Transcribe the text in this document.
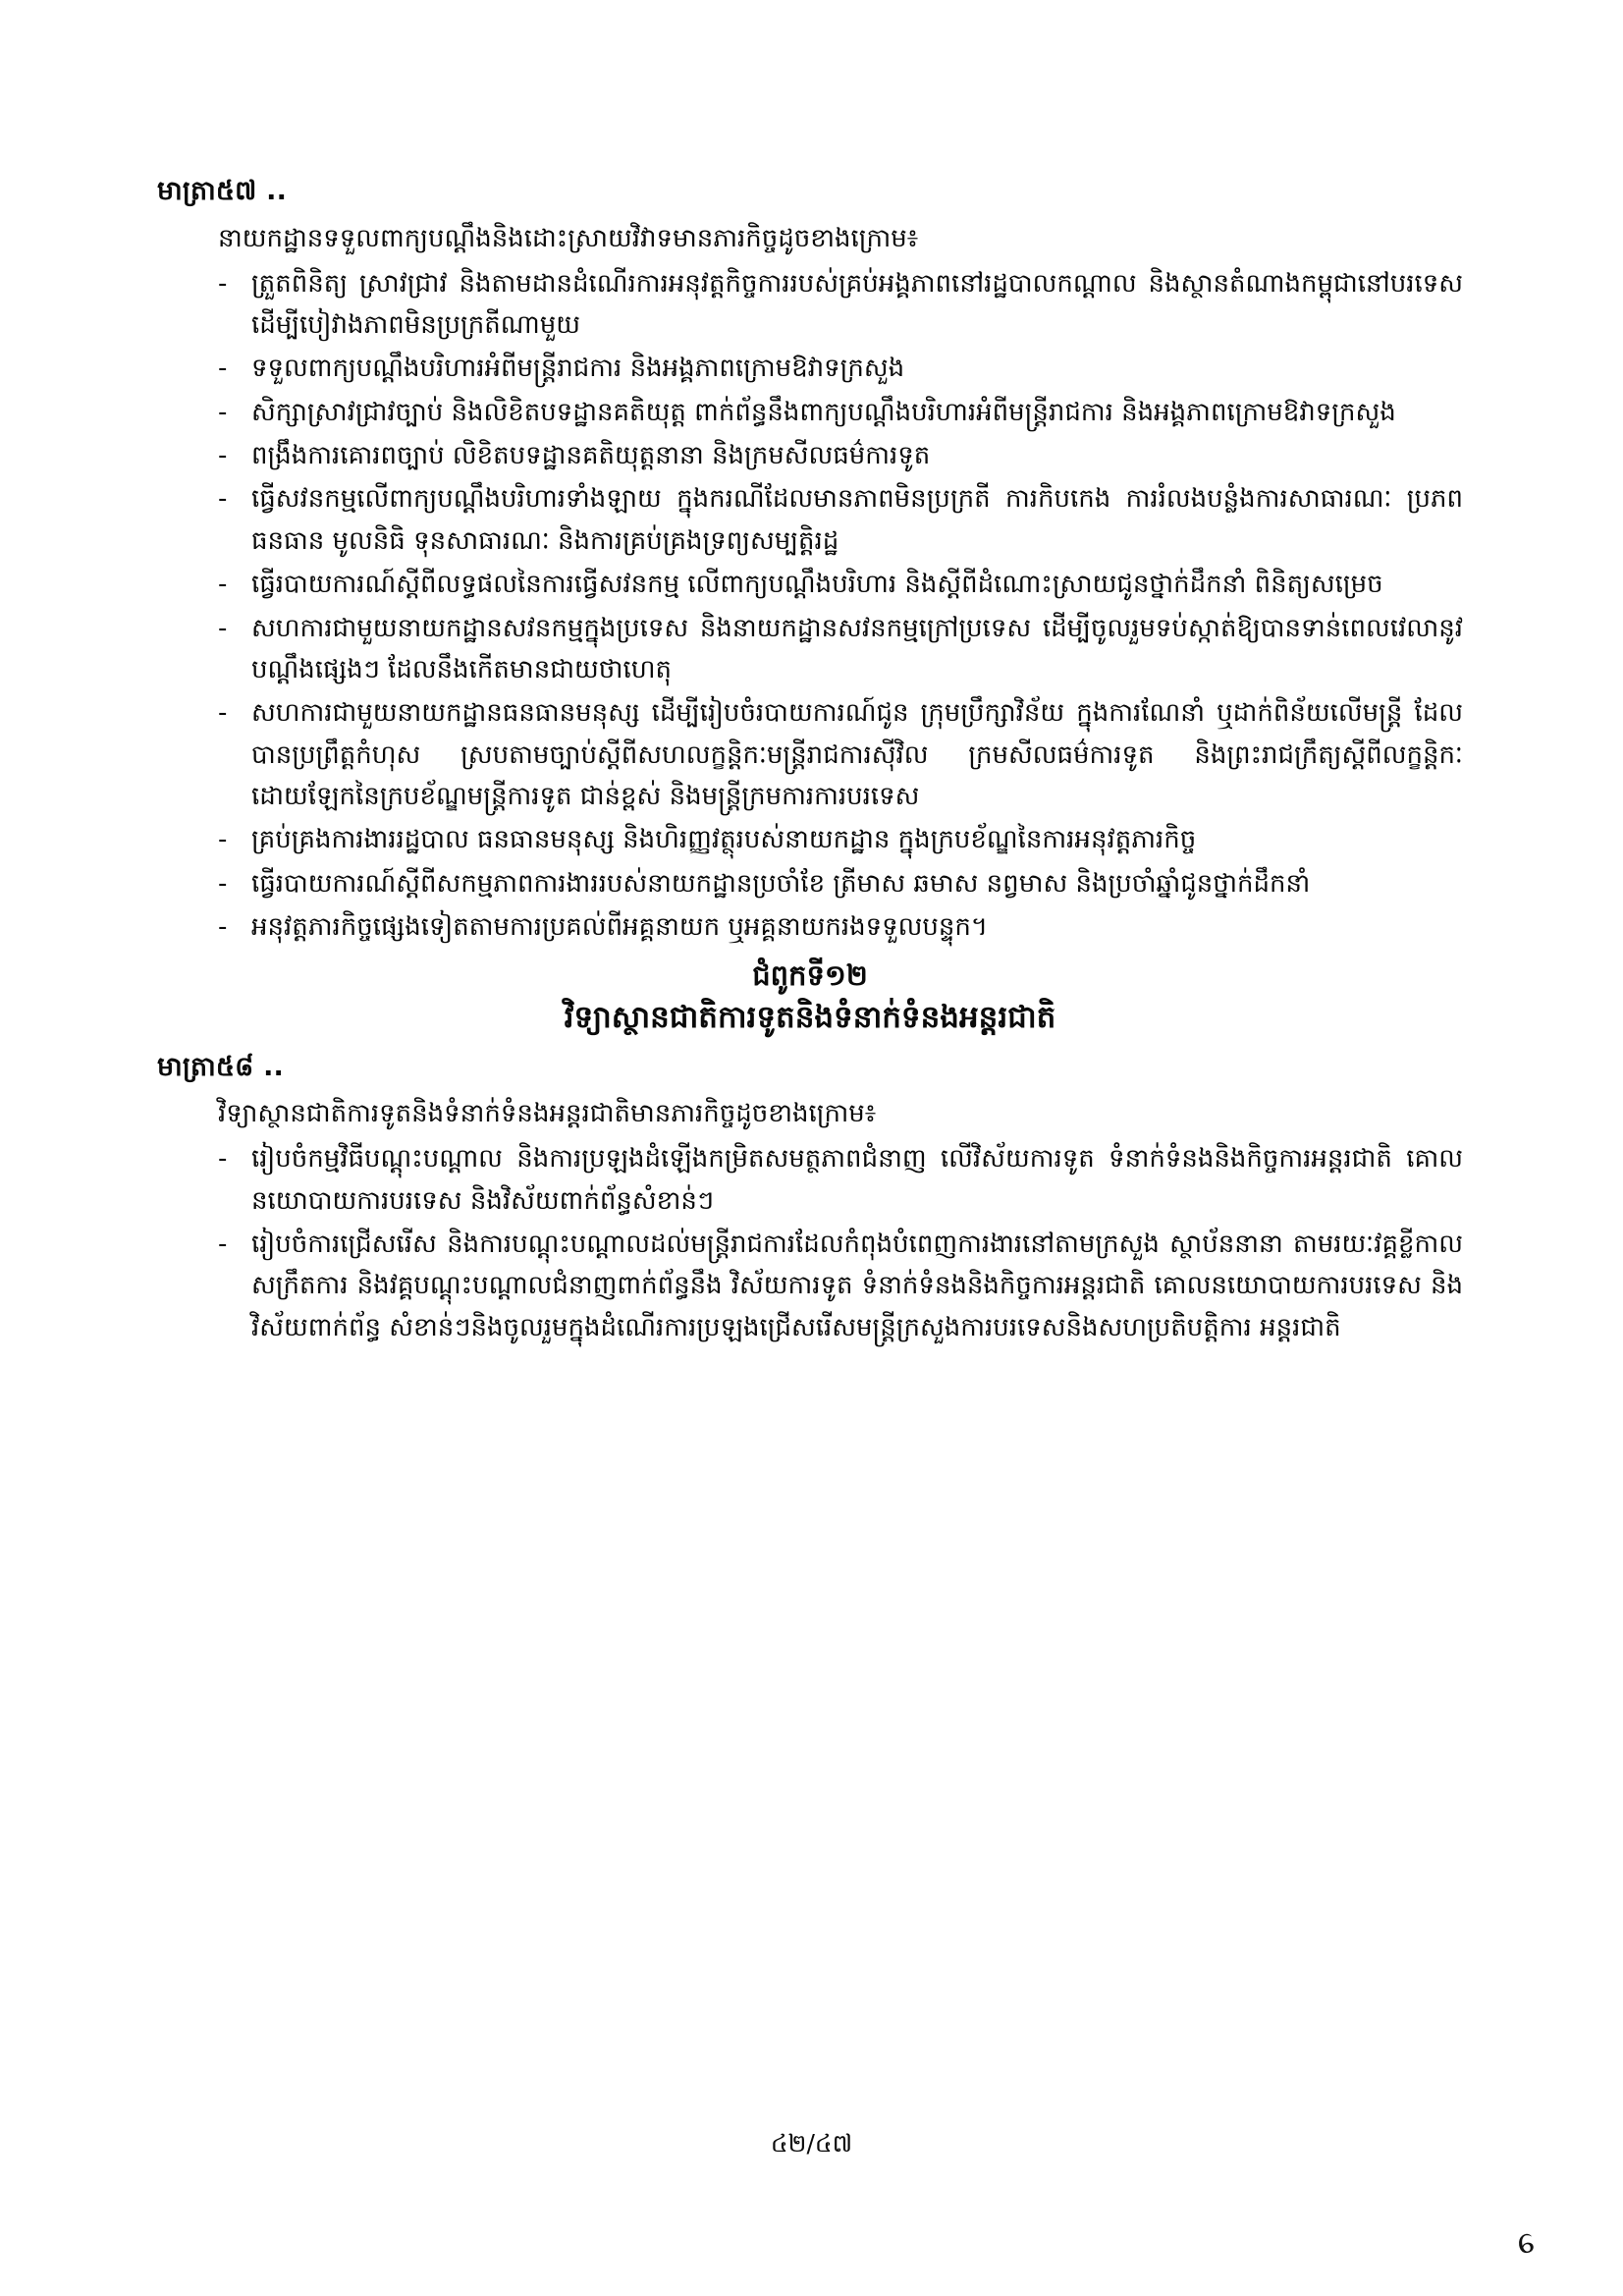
មាត្រា៥៧ ..

នាយកដ្ឋានទទួលពាក្យបណ្ដឹងនិងដោះស្រាយវិវាទមានភារកិច្ចដូចខាងក្រោម៖

- ត្រួតពិនិត្យ ស្រាវជ្រាវ និងតាមដានដំណើរការអនុវត្តកិច្ចការរបស់គ្រប់អង្គភាពនៅរដ្ឋបាលកណ្ដាល និងស្ថានតំណាងកម្ពុជានៅបរទេស ដើម្បីបៀវាងភាពមិនប្រក្រតីណាមួយ
- ទទួលពាក្យបណ្ដឹងបរិហារអំពីមន្ត្រីរាជការ និងអង្គភាពក្រោមឱវាទក្រសួង
- សិក្សាស្រាវជ្រាវច្បាប់ និងលិខិតបទដ្ឋានគតិយុត្ត ពាក់ព័ន្ធនឹងពាក្យបណ្ដឹងបរិហារអំពីមន្ត្រីរាជការ និងអង្គភាពក្រោមឱវាទក្រសួង
- ពង្រឹងការគោរពច្បាប់ លិខិតបទដ្ឋានគតិយុត្តនានា និងក្រមសីលធម៌ការទូត
- ធ្វើសវនកម្មលើពាក្យបណ្ដឹងបរិហារទាំងឡាយ ក្នុងករណីដែលមានភាពមិនប្រក្រតី ការកិបកេង ការរំលងបន្លំងការសាធារណៈ ប្រភពធនធាន មូលនិធិ ទុនសាធារណៈ និងការគ្រប់គ្រងទ្រព្យសម្បត្តិរដ្ឋ
- ធ្វើរបាយការណ៍ស្ដីពីលទ្ធផលនៃការធ្វើសវនកម្ម លើពាក្យបណ្ដឹងបរិហារ និងស្ដីពីដំណោះស្រាយជូនថ្នាក់ដឹកនាំ ពិនិត្យសម្រេច
- សហការជាមួយនាយកដ្ឋានសវនកម្មក្នុងប្រទេស និងនាយកដ្ឋានសវនកម្មក្រៅប្រទេស ដើម្បីចូលរួមទប់ស្កាត់ឱ្យបានទាន់ពេលវេលានូវបណ្ដឹងផ្សេងៗ ដែលនឹងកើតមានជាយថាហេតុ
- សហការជាមួយនាយកដ្ឋានធនធានមនុស្ស ដើម្បីរៀបចំរបាយការណ៍ជូន ក្រុមប្រឹក្សាវិន័យ ក្នុងការណែនាំ ឬដាក់ពិន័យលើមន្ត្រី ដែលបានប្រព្រឹត្តកំហុស ស្របតាមច្បាប់ស្ដីពីសហលក្ខន្តិកៈមន្ត្រីរាជការស៊ីវិល ក្រមសីលធម៌ការទូត និងព្រះរាជក្រឹត្យស្ដីពីលក្ខន្តិកៈដោយឡែកនៃក្របខ័ណ្ឌមន្ត្រីការទូត ជាន់ខ្ពស់ និងមន្ត្រីក្រមការការបរទេស
- គ្រប់គ្រងការងាររដ្ឋបាល ធនធានមនុស្ស និងហិរញ្ញវត្ថុរបស់នាយកដ្ឋាន ក្នុងក្របខ័ណ្ឌនៃការអនុវត្តភារកិច្ច
- ធ្វើរបាយការណ៍ស្ដីពីសកម្មភាពការងាររបស់នាយកដ្ឋានប្រចាំខែ ត្រីមាស ឆមាស នព្វមាស និងប្រចាំឆ្នាំជូនថ្នាក់ដឹកនាំ
- អនុវត្តភារកិច្ចផ្សេងទៀតតាមការប្រគល់ពីអគ្គនាយក ឬអគ្គនាយករងទទួលបន្ទុក។
ជំពូកទី១២
វិទ្យាស្ថានជាតិការទូតនិងទំនាក់ទំនងអន្តរជាតិ
មាត្រា៥៨ ..

វិទ្យាស្ថានជាតិការទូតនិងទំនាក់ទំនងអន្តរជាតិមានភារកិច្ចដូចខាងក្រោម៖

- រៀបចំកម្មវិធីបណ្ដុះបណ្ដាល និងការប្រឡងដំឡើងកម្រិតសមត្ថភាពជំនាញ លើវិស័យការទូត ទំនាក់ទំនងនិងកិច្ចការអន្តរជាតិ គោលនយោបាយការបរទេស និងវិស័យពាក់ព័ន្ធសំខាន់ៗ
- រៀបចំការជ្រើសរើស និងការបណ្ដុះបណ្ដាលដល់មន្ត្រីរាជការដែលកំពុងបំពេញការងារនៅតាមក្រសួង ស្ថាប័ននានា តាមរយៈវគ្គខ្លីកាល សក្រឹតការ និងវគ្គបណ្ដុះបណ្ដាលជំនាញពាក់ព័ន្ធនឹង វិស័យការទូត ទំនាក់ទំនងនិងកិច្ចការអន្តរជាតិ គោលនយោបាយការបរទេស និងវិស័យពាក់ព័ន្ធ សំខាន់ៗនិងចូលរួមក្នុងដំណើរការប្រឡងជ្រើសរើសមន្ត្រីក្រសួងការបរទេសនិងសហប្រតិបត្តិការ អន្តរជាតិ
៤២/៤៧
ᧈ
